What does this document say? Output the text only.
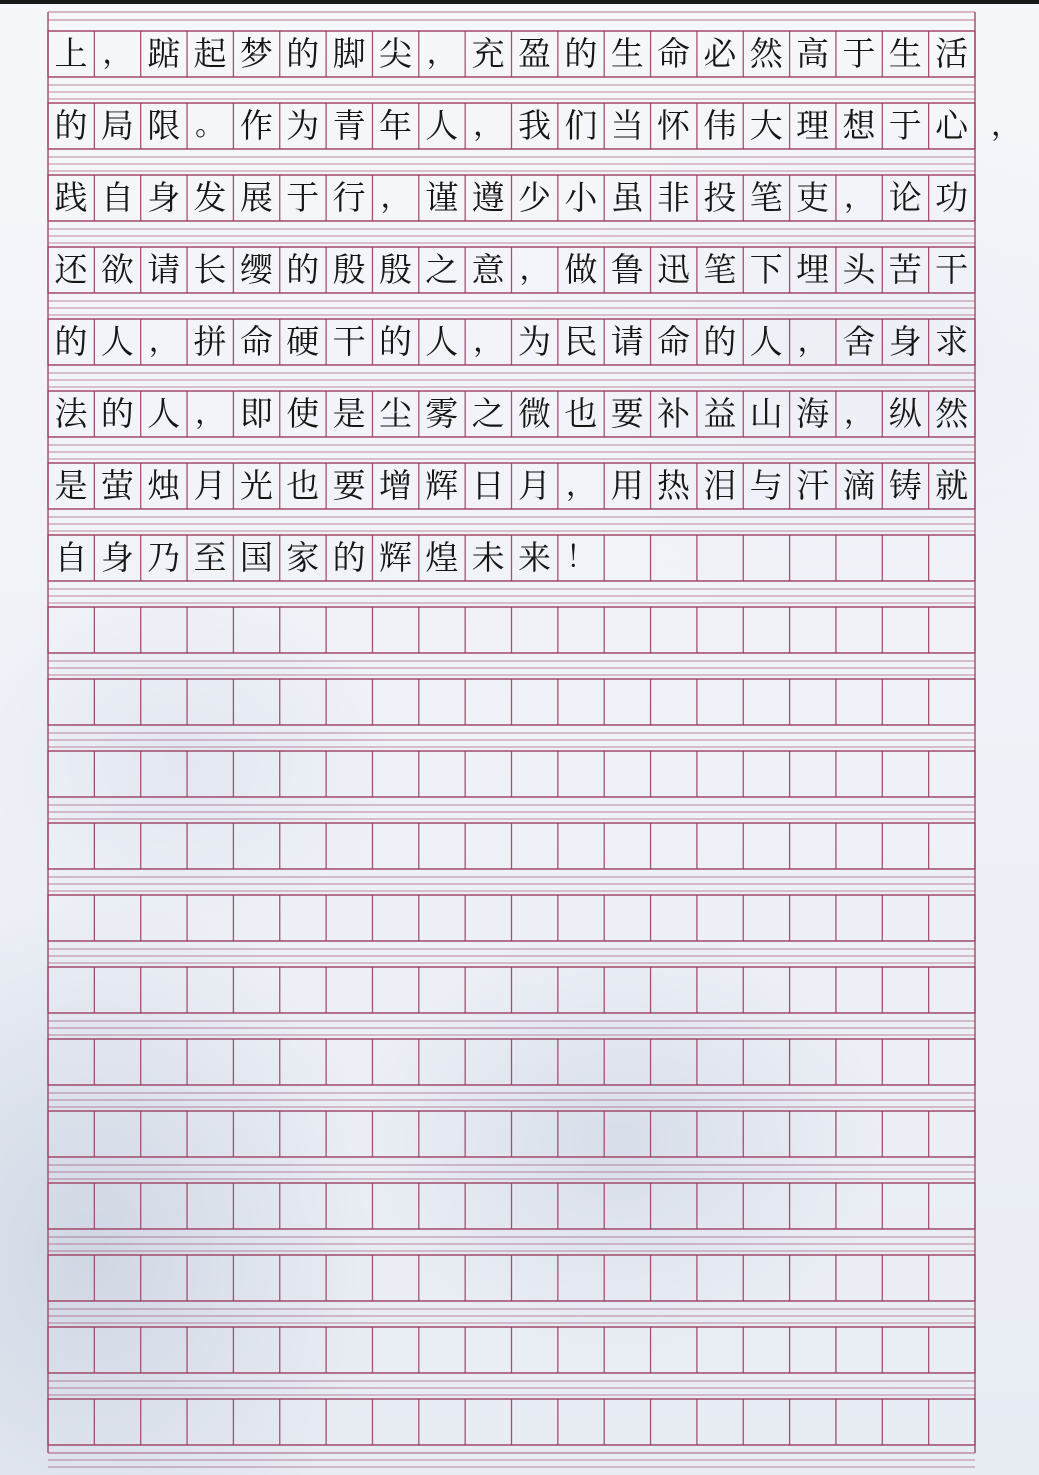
上 ， 踮 起 梦 的 脚 尖 ， 充 盈 的 生 命 必 然 高 于 生 活
的 局 限 。 作 为 青 年 人 ， 我 们 当 怀 伟 大 理 想 于 心 ，
践 自 身 发 展 于 行 ， 谨 遵 少 小 虽 非 投 笔 吏 ， 论 功
还 欲 请 长 缨 的 殷 殷 之 意 ， 做 鲁 迅 笔 下 埋 头 苦 干
的 人 ， 拼 命 硬 干 的 人 ， 为 民 请 命 的 人 ， 舍 身 求
法 的 人 ， 即 使 是 尘 雾 之 微 也 要 补 益 山 海 ， 纵 然
是 萤 烛 月 光 也 要 增 辉 日 月 ， 用 热 泪 与 汗 滴 铸 就
自 身 乃 至 国 家 的 辉 煌 未 来 ！
